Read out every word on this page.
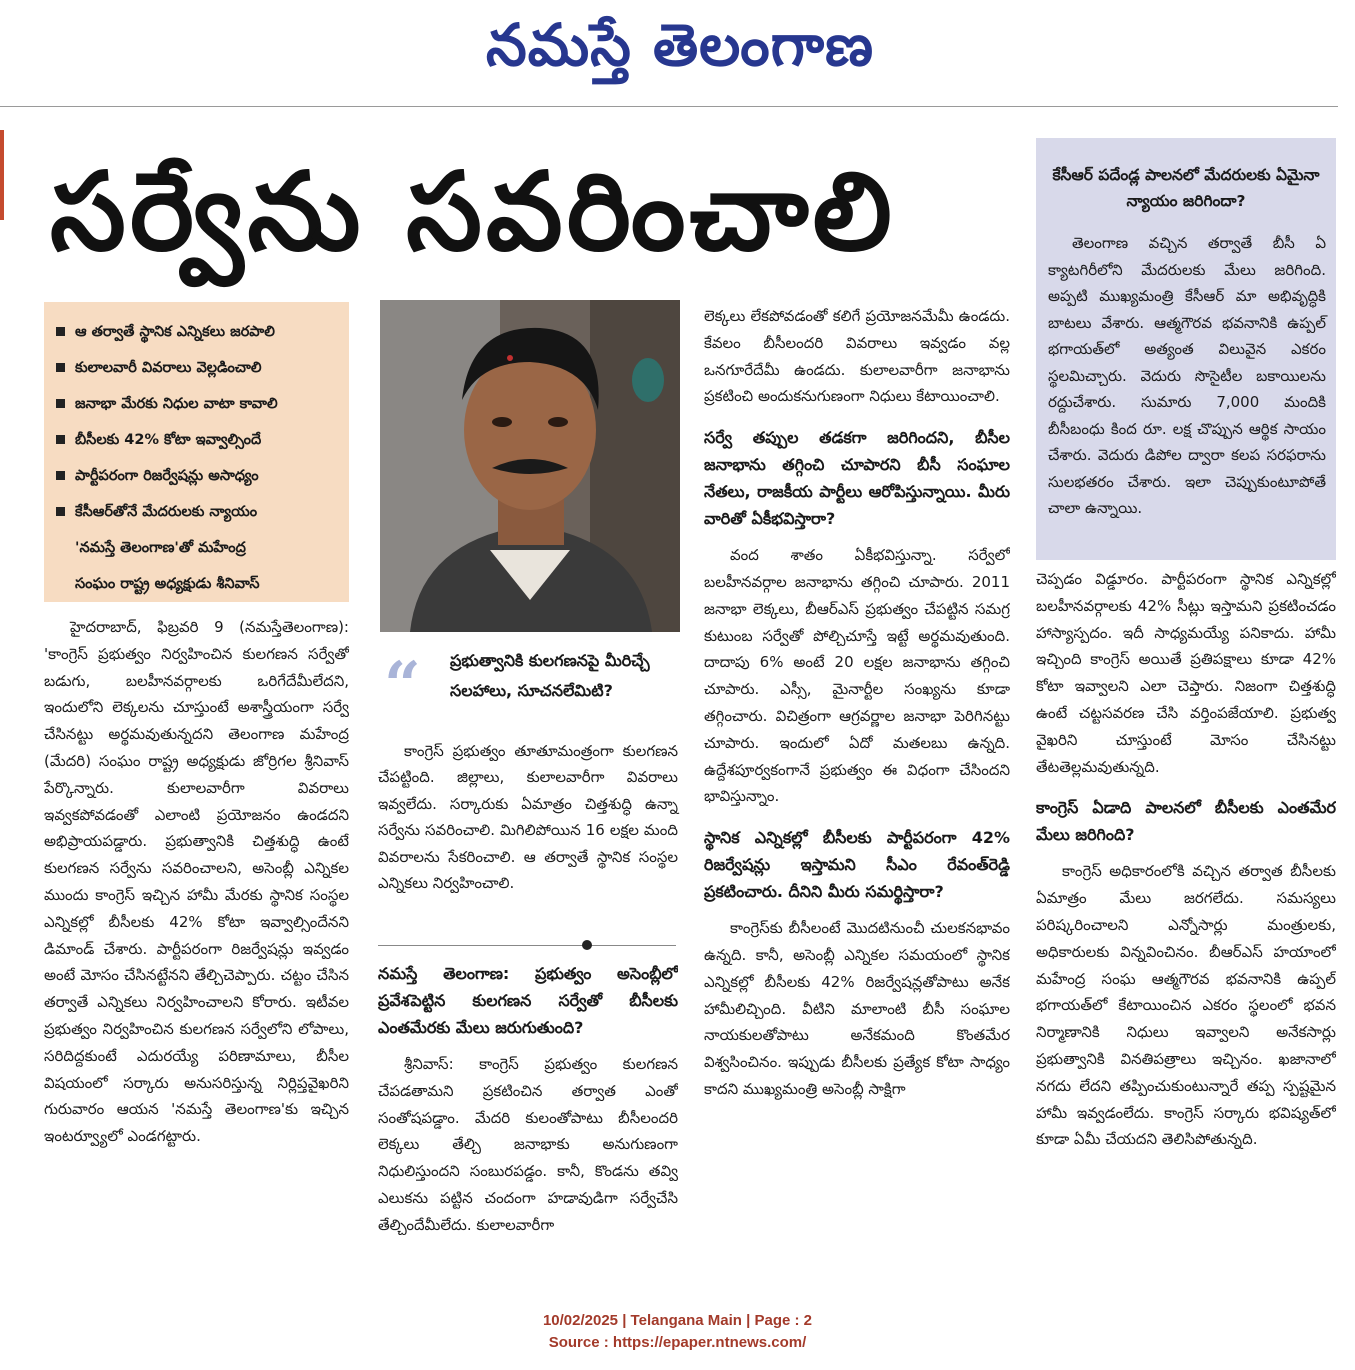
నమస్తే తెలంగాణ
సర్వేను సవరించాలి
ఆ తర్వాతే స్థానిక ఎన్నికలు జరపాలి
కులాలవారీ వివరాలు వెల్లడించాలి
జనాభా మేరకు నిధుల వాటా కావాలి
బీసీలకు 42% కోటా ఇవ్వాల్సిందే
పార్టీపరంగా రిజర్వేషన్లు అసాధ్యం
కేసీఆర్‌తోనే మేదరులకు న్యాయం
'నమస్తే తెలంగాణ'తో మహేంద్ర
సంఘం రాష్ట్ర అధ్యక్షుడు శీనివాస్

హైదరాబాద్, ఫిబ్రవరి 9 (నమస్తేతెలంగాణ): 'కాంగ్రెస్ ప్రభుత్వం నిర్వహించిన కులగణన సర్వేతో బడుగు, బలహీనవర్గాలకు ఒరిగేదేమీలేదని, ఇందులోని లెక్కలను చూస్తుంటే అశాస్త్రీయంగా సర్వే చేసినట్టు అర్థమవుతున్నదని తెలంగాణ మహేంద్ర (మేదరి) సంఘం రాష్ట్ర అధ్యక్షుడు జోర్రిగల శ్రీనివాస్ పేర్కొన్నారు. కులాలవారీగా వివరాలు ఇవ్వకపోవడంతో ఎలాంటి ప్రయోజనం ఉండదని అభిప్రాయపడ్డారు. ప్రభుత్వానికి చిత్తశుద్ధి ఉంటే కులగణన సర్వేను సవరించాలని, అసెంబ్లీ ఎన్నికల ముందు కాంగ్రెస్ ఇచ్చిన హామీ మేరకు స్థానిక సంస్థల ఎన్నికల్లో బీసీలకు 42% కోటా ఇవ్వాల్సిందేనని డిమాండ్ చేశారు. పార్టీపరంగా రిజర్వేషన్లు ఇవ్వడం అంటే మోసం చేసినట్టేనని తేల్చిచెప్పారు. చట్టం చేసిన తర్వాతే ఎన్నికలు నిర్వహించాలని కోరారు. ఇటీవల ప్రభుత్వం నిర్వహించిన కులగణన సర్వేలోని లోపాలు, సరిదిద్దకుంటే ఎదురయ్యే పరిణామాలు, బీసీల విషయంలో సర్కారు అనుసరిస్తున్న నిర్లిప్తవైఖరిని గురువారం ఆయన 'నమస్తే తెలంగాణ'కు ఇచ్చిన ఇంటర్వ్యూలో ఎండగట్టారు.

“ ప్రభుత్వానికి కులగణనపై మీరిచ్చే సలహాలు, సూచనలేమిటి?
కాంగ్రెస్ ప్రభుత్వం తూతూమంత్రంగా కులగణన చేపట్టింది. జిల్లాలు, కులాలవారీగా వివరాలు ఇవ్వలేదు. సర్కారుకు ఏమాత్రం చిత్తశుద్ధి ఉన్నా సర్వేను సవరించాలి. మిగిలిపోయిన 16 లక్షల మంది వివరాలను సేకరించాలి. ఆ తర్వాతే స్థానిక సంస్థల ఎన్నికలు నిర్వహించాలి.

నమస్తే తెలంగాణ: ప్రభుత్వం అసెంబ్లీలో ప్రవేశపెట్టిన కులగణన సర్వేతో బీసీలకు ఎంతమేరకు మేలు జరుగుతుంది?

శ్రీనివాస్: కాంగ్రెస్ ప్రభుత్వం కులగణన చేపడతామని ప్రకటించిన తర్వాత ఎంతో సంతోషపడ్డాం. మేదరి కులంతోపాటు బీసీలందరి లెక్కలు తేల్చి జనాభాకు అనుగుణంగా నిధులిస్తుందని సంబురపడ్డం. కానీ, కొండను తవ్వి ఎలుకను పట్టిన చందంగా హడావుడిగా సర్వేచేసి తేల్చిందేమీలేదు. కులాలవారీగా

లెక్కలు లేకపోవడంతో కలిగే ప్రయోజనమేమీ ఉండదు. కేవలం బీసీలందరి వివరాలు ఇవ్వడం వల్ల ఒనగూరేదేమీ ఉండదు. కులాలవారీగా జనాభాను ప్రకటించి అందుకనుగుణంగా నిధులు కేటాయించాలి.

సర్వే తప్పుల తడకగా జరిగిందని, బీసీల జనాభాను తగ్గించి చూపారని బీసీ సంఘాల నేతలు, రాజకీయ పార్టీలు ఆరోపిస్తున్నాయి. మీరు వారితో ఏకీభవిస్తారా?

వంద శాతం ఏకీభవిస్తున్నా. సర్వేలో బలహీనవర్గాల జనాభాను తగ్గించి చూపారు. 2011 జనాభా లెక్కలు, బీఆర్‌ఎస్ ప్రభుత్వం చేపట్టిన సమగ్ర కుటుంబ సర్వేతో పోల్చిచూస్తే ఇట్టే అర్థమవుతుంది. దాదాపు 6% అంటే 20 లక్షల జనాభాను తగ్గించి చూపారు. ఎస్సీ, మైనార్టీల సంఖ్యను కూడా తగ్గించారు. విచిత్రంగా ఆగ్రవర్ణాల జనాభా పెరిగినట్టు చూపారు. ఇందులో ఏదో మతలబు ఉన్నది. ఉద్దేశపూర్వకంగానే ప్రభుత్వం ఈ విధంగా చేసిందని భావిస్తున్నాం.

స్థానిక ఎన్నికల్లో బీసీలకు పార్టీపరంగా 42% రిజర్వేషన్లు ఇస్తామని సీఎం రేవంత్‌రెడ్డి ప్రకటించారు. దీనిని మీరు సమర్థిస్తారా?

కాంగ్రెస్‌కు బీసీలంటే మొదటినుంచీ చులకనభావం ఉన్నది. కానీ, అసెంబ్లీ ఎన్నికల సమయంలో స్థానిక ఎన్నికల్లో బీసీలకు 42% రిజర్వేషన్లతోపాటు అనేక హామీలిచ్చింది. వీటిని మాలాంటి బీసీ సంఘాల నాయకులతోపాటు అనేకమంది కొంతమేర విశ్వసించినం. ఇప్పుడు బీసీలకు ప్రత్యేక కోటా సాధ్యం కాదని ముఖ్యమంత్రి అసెంబ్లీ సాక్షిగా

కేసీఆర్ పదేండ్ల పాలనలో మేదరులకు ఏమైనా న్యాయం జరిగిందా?
తెలంగాణ వచ్చిన తర్వాతే బీసీ ఏ క్యాటగిరీలోని మేదరులకు మేలు జరిగింది. అప్పటి ముఖ్యమంత్రి కేసీఆర్ మా అభివృద్ధికి బాటలు వేశారు. ఆత్మగౌరవ భవనానికి ఉప్పల్ భగాయత్‌లో అత్యంత విలువైన ఎకరం స్థలమిచ్చారు. వెదురు సొసైటీల బకాయిలను రద్దుచేశారు. సుమారు 7,000 మందికి బీసీబంధు కింద రూ. లక్ష చొప్పున ఆర్థిక సాయం చేశారు. వెదురు డిపోల ద్వారా కలప సరఫరాను సులభతరం చేశారు. ఇలా చెప్పుకుంటూపోతే చాలా ఉన్నాయి.

చెప్పడం విడ్డూరం. పార్టీపరంగా స్థానిక ఎన్నికల్లో బలహీనవర్గాలకు 42% సీట్లు ఇస్తామని ప్రకటించడం హాస్యాస్పదం. ఇదీ సాధ్యమయ్యే పనికాదు. హామీ ఇచ్చింది కాంగ్రెస్ అయితే ప్రతిపక్షాలు కూడా 42% కోటా ఇవ్వాలని ఎలా చెప్తారు. నిజంగా చిత్తశుద్ధి ఉంటే చట్టసవరణ చేసి వర్తింపజేయాలి. ప్రభుత్వ వైఖరిని చూస్తుంటే మోసం చేసినట్టు తేటతెల్లమవుతున్నది.

కాంగ్రెస్ ఏడాది పాలనలో బీసీలకు ఎంతమేర మేలు జరిగింది?

కాంగ్రెస్ అధికారంలోకి వచ్చిన తర్వాత బీసీలకు ఏమాత్రం మేలు జరగలేదు. సమస్యలు పరిష్కరించాలని ఎన్నోసార్లు మంత్రులకు, అధికారులకు విన్నవించినం. బీఆర్‌ఎస్ హయాంలో మహేంద్ర సంఘ ఆత్మగౌరవ భవనానికి ఉప్పల్ భగాయత్‌లో కేటాయించిన ఎకరం స్థలంలో భవన నిర్మాణానికి నిధులు ఇవ్వాలని అనేకసార్లు ప్రభుత్వానికి వినతిపత్రాలు ఇచ్చినం. ఖజానాలో నగదు లేదని తప్పించుకుంటున్నారే తప్ప స్పష్టమైన హామీ ఇవ్వడంలేదు. కాంగ్రెస్ సర్కారు భవిష్యత్‌లో కూడా ఏమీ చేయదని తెలిసిపోతున్నది.

10/02/2025 | Telangana Main | Page : 2
Source : https://epaper.ntnews.com/
